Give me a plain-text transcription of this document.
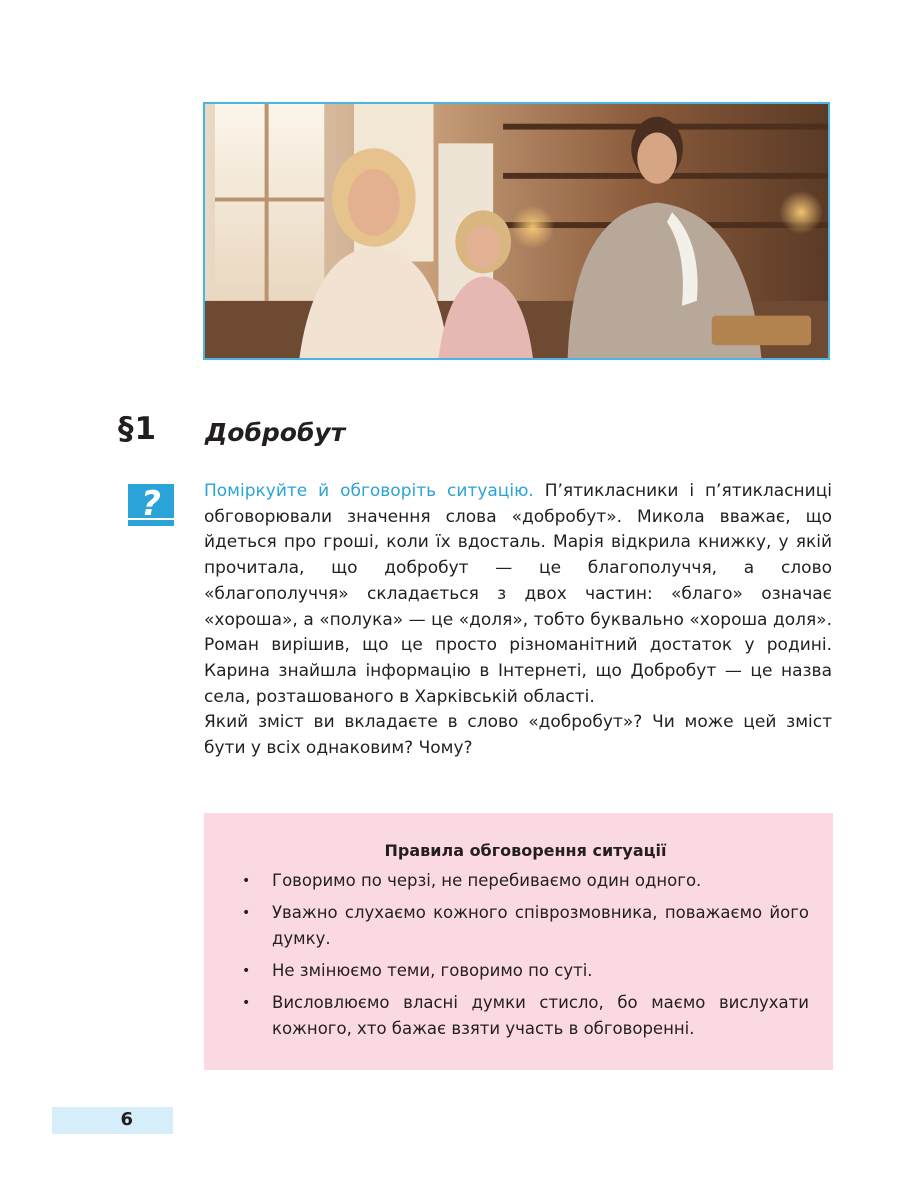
§1 Добробут
?	Поміркуйте й обговоріть ситуацію. П’ятикласники і п’ятикласниці обговорювали значення слова «добробут». Микола вважає, що йдеться про гроші, коли їх вдосталь. Марія відкрила книжку, у якій прочитала, що добробут — це благополуччя, а слово «благополуччя» складається з двох частин: «благо» означає «хороша», а «полука» — це «доля», тобто буквально «хороша доля». Роман вирішив, що це просто різноманітний достаток у родині. Карина знайшла інформацію в Інтернеті, що Добробут — це назва села, розташованого в Харківській області.

Який зміст ви вкладаєте в слово «добробут»? Чи може цей зміст бути у всіх однаковим? Чому?

Правила обговорення ситуації
• Говоримо по черзі, не перебиваємо один одного.
• Уважно слухаємо кожного співрозмовника, поважаємо його думку.
• Не змінюємо теми, говоримо по суті.
• Висловлюємо власні думки стисло, бо маємо вислухати кожного, хто бажає взяти участь в обговоренні.
6
